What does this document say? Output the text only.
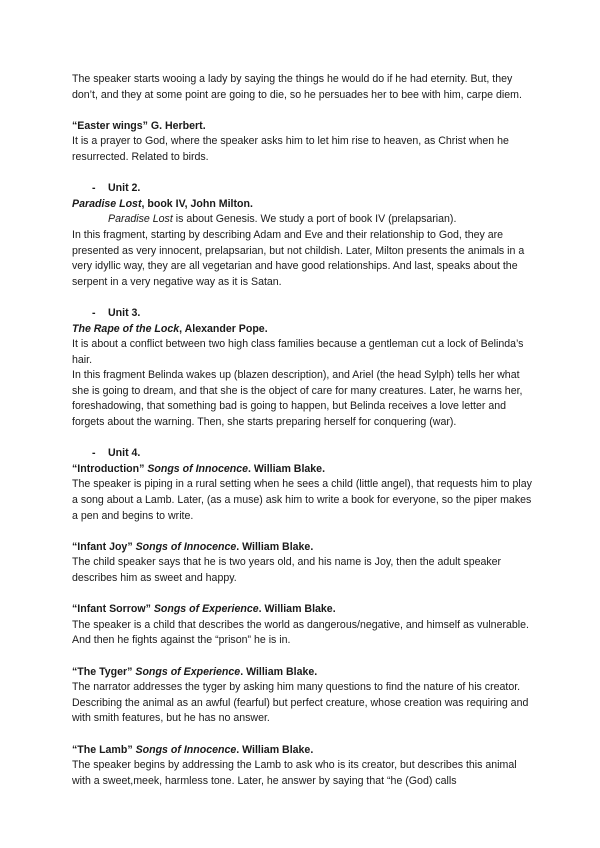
The speaker starts wooing a lady by saying the things he would do if he had eternity. But, they don’t, and they at some point are going to die, so he persuades her to bee with him, carpe diem.

“Easter wings” G. Herbert.

It is a prayer to God, where the speaker asks him to let him rise to heaven, as Christ when he resurrected. Related to birds.

- Unit 2.

Paradise Lost, book IV, John Milton.

Paradise Lost is about Genesis. We study a port of book IV (prelapsarian).

In this fragment, starting by describing Adam and Eve and their relationship to God, they are presented as very innocent, prelapsarian, but not childish. Later, Milton presents the animals in a very idyllic way, they are all vegetarian and have good relationships. And last, speaks about the serpent in a very negative way as it is Satan.

- Unit 3.

The Rape of the Lock, Alexander Pope.

It is about a conflict between two high class families because a gentleman cut a lock of Belinda’s hair.

In this fragment Belinda wakes up (blazen description), and Ariel (the head Sylph) tells her what she is going to dream, and that she is the object of care for many creatures. Later, he warns her, foreshadowing, that something bad is going to happen, but Belinda receives a love letter and forgets about the warning. Then, she starts preparing herself for conquering (war).

- Unit 4.

“Introduction” Songs of Innocence. William Blake.

The speaker is piping in a rural setting when he sees a child (little angel), that requests him to play a song about a Lamb. Later, (as a muse) ask him to write a book for everyone, so the piper makes a pen and begins to write.

“Infant Joy” Songs of Innocence. William Blake.

The child speaker says that he is two years old, and his name is Joy, then the adult speaker describes him as sweet and happy.

“Infant Sorrow” Songs of Experience. William Blake.

The speaker is a child that describes the world as dangerous/negative, and himself as vulnerable. And then he fights against the “prison” he is in.

“The Tyger” Songs of Experience. William Blake.

The narrator addresses the tyger by asking him many questions to find the nature of his creator. Describing the animal as an awful (fearful) but perfect creature, whose creation was requiring and with smith features, but he has no answer.

“The Lamb” Songs of Innocence. William Blake.

The speaker begins by addressing the Lamb to ask who is its creator, but describes this animal with a sweet,meek, harmless tone. Later, he answer by saying that “he (God) calls
